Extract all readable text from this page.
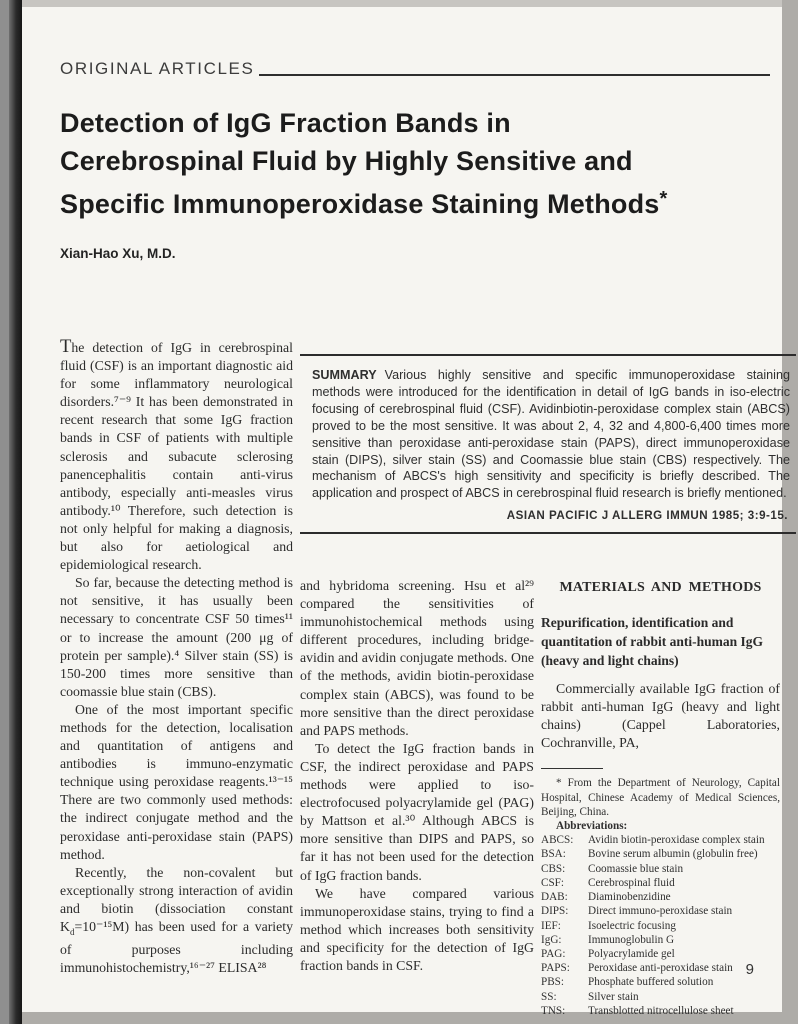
ORIGINAL ARTICLES
Detection of IgG Fraction Bands in
Cerebrospinal Fluid by Highly Sensitive and
Specific Immunoperoxidase Staining Methods*
Xian-Hao Xu, M.D.

The detection of IgG in cerebrospinal fluid (CSF) is an important diagnostic aid for some inflammatory neurological disorders.⁷⁻⁹ It has been demonstrated in recent research that some IgG fraction bands in CSF of patients with multiple sclerosis and subacute sclerosing panencephalitis contain anti-virus antibody, especially anti-measles virus antibody.¹⁰ Therefore, such detection is not only helpful for making a diagnosis, but also for aetiological and epidemiological research.

So far, because the detecting method is not sensitive, it has usually been necessary to concentrate CSF 50 times¹¹ or to increase the amount (200 μg of protein per sample).⁴ Silver stain (SS) is 150-200 times more sensitive than coomassie blue stain (CBS).

One of the most important specific methods for the detection, localisation and quantitation of antigens and antibodies is immuno-enzymatic technique using peroxidase reagents.¹³⁻¹⁵ There are two commonly used methods: the indirect conjugate method and the peroxidase anti-peroxidase stain (PAPS) method.

Recently, the non-covalent but exceptionally strong interaction of avidin and biotin (dissociation constant $K_d=10^{-15}M$) has been used for a variety of purposes including immunohistochemistry,¹⁶⁻²⁷ ELISA²⁸

SUMMARY Various highly sensitive and specific immunoperoxidase staining methods were introduced for the identification in detail of IgG bands in iso-electric focusing of cerebrospinal fluid (CSF). Avidinbiotin-peroxidase complex stain (ABCS) proved to be the most sensitive. It was about 2, 4, 32 and 4,800-6,400 times more sensitive than peroxidase anti-peroxidase stain (PAPS), direct immunoperoxidase stain (DIPS), silver stain (SS) and Coomassie blue stain (CBS) respectively. The mechanism of ABCS's high sensitivity and specificity is briefly described. The application and prospect of ABCS in cerebrospinal fluid research is briefly mentioned.
ASIAN PACIFIC J ALLERG IMMUN 1985; 3:9-15.

and hybridoma screening. Hsu et al²⁹ compared the sensitivities of immunohistochemical methods using different procedures, including bridge-avidin and avidin conjugate methods. One of the methods, avidin biotin-peroxidase complex stain (ABCS), was found to be more sensitive than the direct peroxidase and PAPS methods.

To detect the IgG fraction bands in CSF, the indirect peroxidase and PAPS methods were applied to iso-electrofocused polyacrylamide gel (PAG) by Mattson et al.³⁰ Although ABCS is more sensitive than DIPS and PAPS, so far it has not been used for the detection of IgG fraction bands.

We have compared various immunoperoxidase stains, trying to find a method which increases both sensitivity and specificity for the detection of IgG fraction bands in CSF.

MATERIALS AND METHODS
Repurification, identification and quantitation of rabbit anti-human IgG (heavy and light chains)

Commercially available IgG fraction of rabbit anti-human IgG (heavy and light chains) (Cappel Laboratories, Cochranville, PA,

* From the Department of Neurology, Capital Hospital, Chinese Academy of Medical Sciences, Beijing, China.

Abbreviations:

ABCS:	Avidin biotin-peroxidase complex stain
BSA:	Bovine serum albumin (globulin free)
CBS:	Coomassie blue stain
CSF:	Cerebrospinal fluid
DAB:	Diaminobenzidine
DIPS:	Direct immuno-peroxidase stain
IEF:	Isoelectric focusing
IgG:	Immunoglobulin G
PAG:	Polyacrylamide gel
PAPS:	Peroxidase anti-peroxidase stain
PBS:	Phosphate buffered solution
SS:	Silver stain
TNS:	Transblotted nitrocellulose sheet
9
